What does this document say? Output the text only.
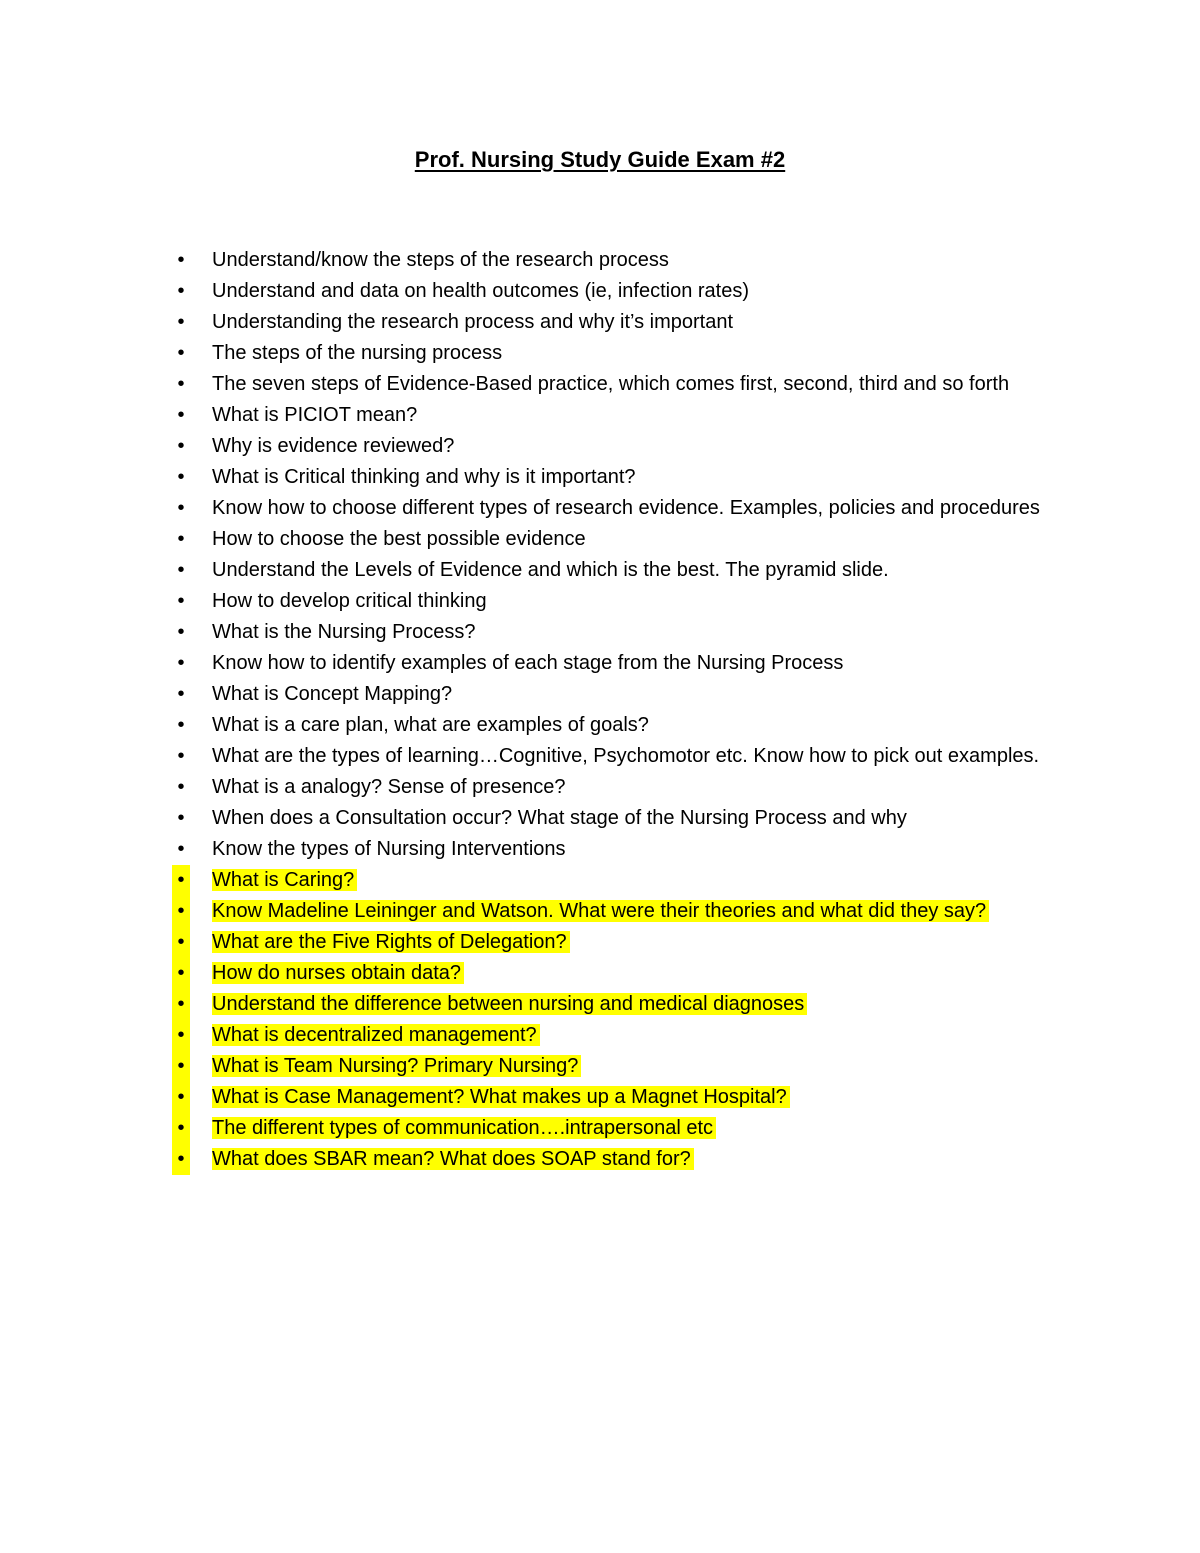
Prof. Nursing Study Guide Exam #2
• Understand/know the steps of the research process
• Understand and data on health outcomes (ie, infection rates)
• Understanding the research process and why it’s important
• The steps of the nursing process
• The seven steps of Evidence-Based practice, which comes first, second, third and so forth
• What is PICIOT mean?
• Why is evidence reviewed?
• What is Critical thinking and why is it important?
• Know how to choose different types of research evidence. Examples, policies and procedures
• How to choose the best possible evidence
• Understand the Levels of Evidence and which is the best. The pyramid slide.
• How to develop critical thinking
• What is the Nursing Process?
• Know how to identify examples of each stage from the Nursing Process
• What is Concept Mapping?
• What is a care plan, what are examples of goals?
• What are the types of learning…Cognitive, Psychomotor etc. Know how to pick out examples.
• What is a analogy? Sense of presence?
• When does a Consultation occur? What stage of the Nursing Process and why
• Know the types of Nursing Interventions
• What is Caring?
• Know Madeline Leininger and Watson. What were their theories and what did they say?
• What are the Five Rights of Delegation?
• How do nurses obtain data?
• Understand the difference between nursing and medical diagnoses
• What is decentralized management?
• What is Team Nursing? Primary Nursing?
• What is Case Management? What makes up a Magnet Hospital?
• The different types of communication….intrapersonal etc
• What does SBAR mean? What does SOAP stand for?
